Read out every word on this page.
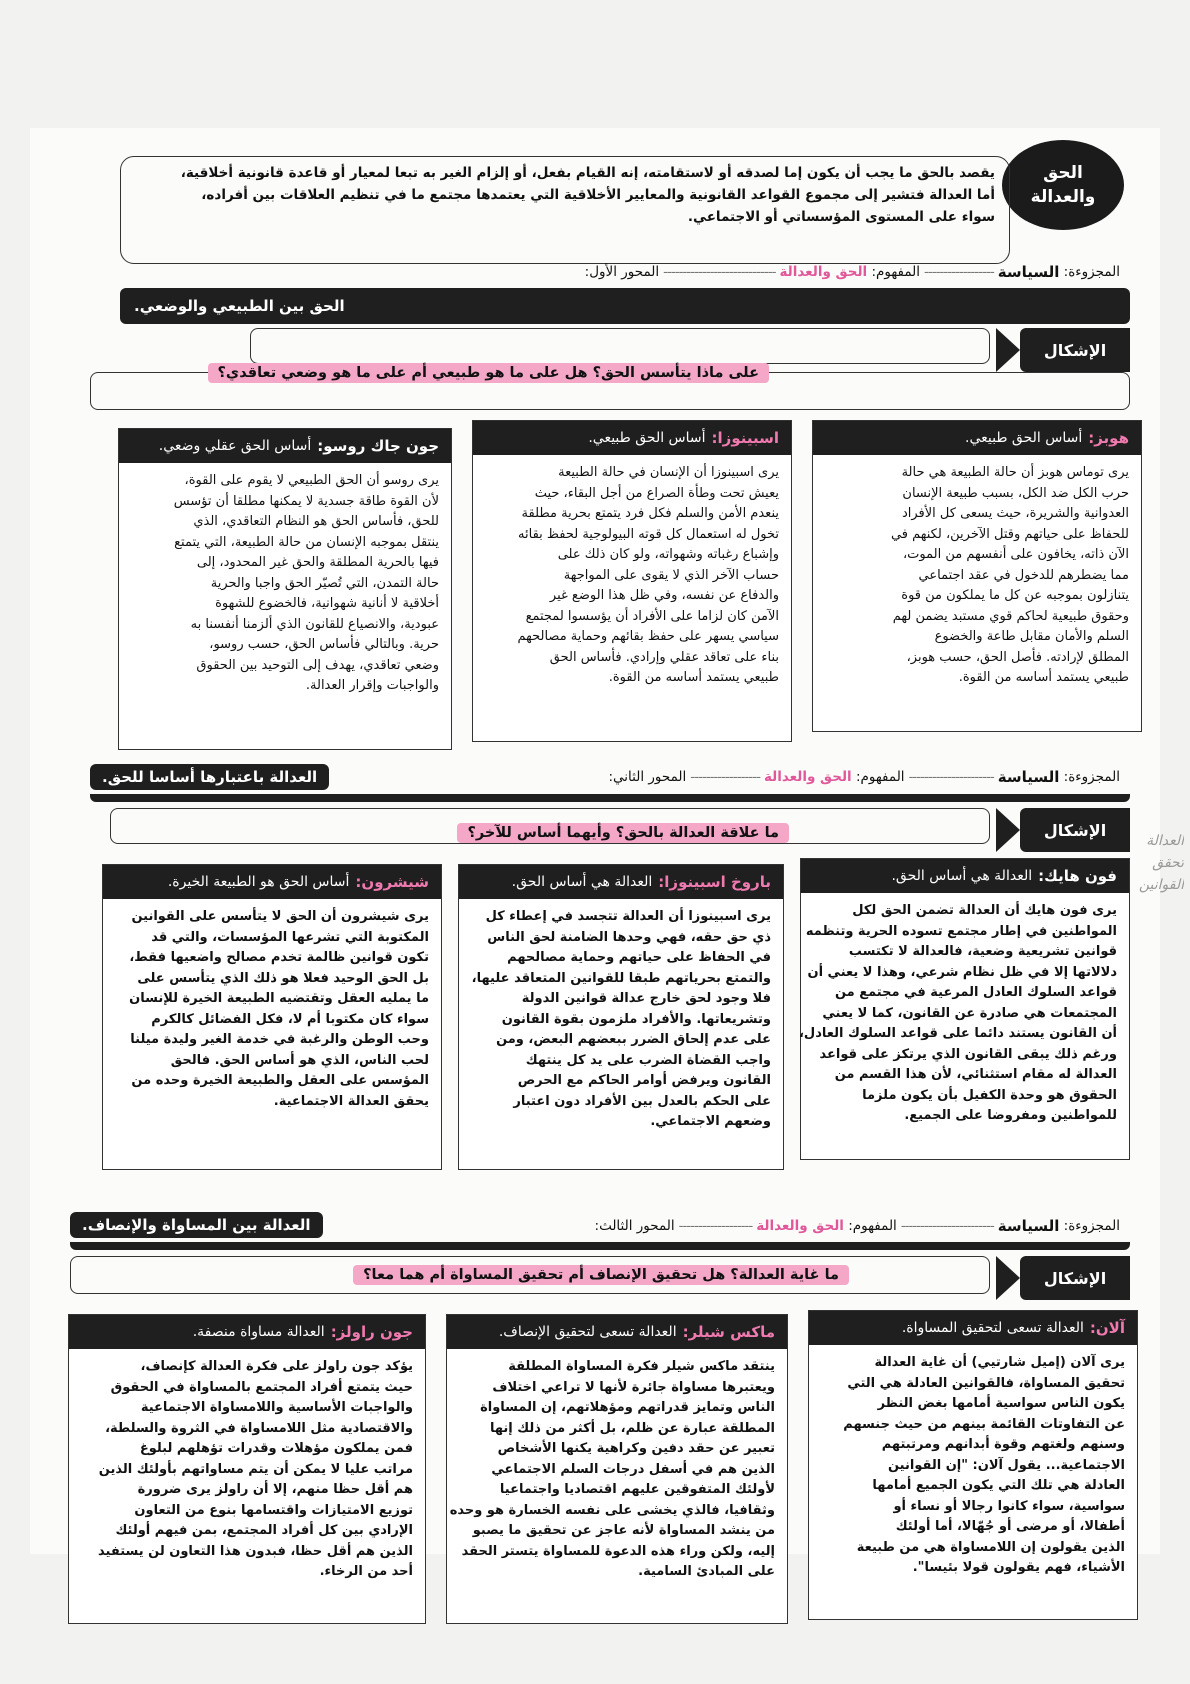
الحق
والعدالة
يقصد بالحق ما يجب أن يكون إما لصدقه أو لاستقامته، إنه القيام بفعل، أو إلزام الغير به تبعا لمعيار أو قاعدة قانونية أخلاقية،
أما العدالة فتشير إلى مجموع القواعد القانونية والمعايير الأخلاقية التي يعتمدها مجتمع ما في تنظيم العلاقات بين أفراده،
سواء على المستوى المؤسساتي أو الاجتماعي.
المجزوءة:

السياسة
------------------
المفهوم:

الحق والعدالة
-----------------------------
المحور الأول:

الحق بين الطبيعي والوضعي.
الإشكال
على ماذا يتأسس الحق؟ هل على ما هو طبيعي أم على ما هو وضعي تعاقدي؟
هوبز:
أساس الحق طبيعي.
يرى توماس هوبز أن حالة الطبيعة هي حالة
حرب الكل ضد الكل، بسبب طبيعة الإنسان
العدوانية والشريرة، حيث يسعى كل الأفراد
للحفاظ على حياتهم وقتل الآخرين، لكنهم في
الآن ذاته، يخافون على أنفسهم من الموت،
مما يضطرهم للدخول في عقد اجتماعي
يتنازلون بموجبه عن كل ما يملكون من قوة
وحقوق طبيعية لحاكم قوي مستبد يضمن لهم
السلم والأمان مقابل طاعة والخضوع
المطلق لإرادته. فأصل الحق، حسب هوبز،
طبيعي يستمد أساسه من القوة.
اسبينوزا:
أساس الحق طبيعي.
يرى اسبينوزا أن الإنسان في حالة الطبيعة
يعيش تحت وطأة الصراع من أجل البقاء، حيث
ينعدم الأمن والسلم فكل فرد يتمتع بحرية مطلقة
تخول له استعمال كل قوته البيولوجية لحفظ بقائه
وإشباع رغباته وشهواته، ولو كان ذلك على
حساب الآخر الذي لا يقوى على المواجهة
والدفاع عن نفسه، وفي ظل هذا الوضع غير
الآمن كان لزاما على الأفراد أن يؤسسوا لمجتمع
سياسي يسهر على حفظ بقائهم وحماية مصالحهم
بناء على تعاقد عقلي وإرادي. فأساس الحق
طبيعي يستمد أساسه من القوة.
جون جاك روسو:
أساس الحق عقلي وضعي.
يرى روسو أن الحق الطبيعي لا يقوم على القوة،
لأن القوة طاقة جسدية لا يمكنها مطلقا أن تؤسس
للحق، فأساس الحق هو النظام التعاقدي، الذي
ينتقل بموجبه الإنسان من حالة الطبيعة، التي يتمتع
فيها بالحرية المطلقة والحق غير المحدود، إلى
حالة التمدن، التي تُصيّر الحق واجبا والحرية
أخلاقية لا أنانية شهوانية، فالخضوع للشهوة
عبودية، والانصياع للقانون الذي ألزمنا أنفسنا به
حرية. وبالتالي فأساس الحق، حسب روسو،
وضعي تعاقدي، يهدف إلى التوحيد بين الحقوق
والواجبات وإقرار العدالة.
المجزوءة:

السياسة
----------------------
المفهوم:

الحق والعدالة
------------------
المحور الثاني:

العدالة باعتبارها أساسا للحق.
الإشكال
ما علاقة العدالة بالحق؟ وأيهما أساس للآخر؟
فون هايك:
العدالة هي أساس الحق.
يرى فون هايك أن العدالة تضمن الحق لكل
المواطنين في إطار مجتمع تسوده الحرية وتنظمه
قوانين تشريعية وضعية، فالعدالة لا تكتسب
دلالاتها إلا في ظل نظام شرعي، وهذا لا يعني أن
قواعد السلوك العادل المرعية في مجتمع من
المجتمعات هي صادرة عن القانون، كما لا يعني
أن القانون يستند دائما على قواعد السلوك العادل،
ورغم ذلك يبقى القانون الذي يرتكز على قواعد
العدالة له مقام استثنائي، لأن هذا القسم من
الحقوق هو وحدة الكفيل بأن يكون ملزما
للمواطنين ومفروضا على الجميع.
باروخ اسبينوزا:
العدالة هي أساس الحق.
يرى اسبينوزا أن العدالة تتجسد في إعطاء كل
ذي حق حقه، فهي وحدها الضامنة لحق الناس
في الحفاظ على حياتهم وحماية مصالحهم
والتمتع بحرياتهم طبقا للقوانين المتعاقد عليها،
فلا وجود لحق خارج عدالة قوانين الدولة
وتشريعاتها. والأفراد ملزمون بقوة القانون
على عدم إلحاق الضرر ببعضهم البعض، ومن
واجب القضاة الضرب على يد كل ينتهك
القانون ويرفض أوامر الحاكم مع الحرص
على الحكم بالعدل بين الأفراد دون اعتبار
وضعهم الاجتماعي.
شيشرون:
أساس الحق هو الطبيعة الخيرة.
يرى شيشرون أن الحق لا يتأسس على القوانين
المكتوبة التي تشرعها المؤسسات، والتي قد
تكون قوانين ظالمة تخدم مصالح واضعيها فقط،
بل الحق الوحيد فعلا هو ذلك الذي يتأسس على
ما يمليه العقل وتقتضيه الطبيعة الخيرة للإنسان
سواء كان مكتوبا أم لا، فكل الفضائل كالكرم
وحب الوطن والرغبة في خدمة الغير وليدة ميلنا
لحب الناس، الذي هو أساس الحق. فالحق
المؤسس على العقل والطبيعة الخيرة وحده من
يحقق العدالة الاجتماعية.
المجزوءة:

السياسة
------------------------
المفهوم:

الحق والعدالة
-------------------
المحور الثالث:

العدالة بين المساواة والإنصاف.
الإشكال
ما غاية العدالة؟ هل تحقيق الإنصاف أم تحقيق المساواة أم هما معا؟
آلان:
العدالة تسعى لتحقيق المساواة.
يرى آلان (إميل شارتيي) أن غاية العدالة
تحقيق المساواة، فالقوانين العادلة هي التي
يكون الناس سواسية أمامها بغض النظر
عن التفاوتات القائمة بينهم من حيث جنسهم
وسنهم ولغتهم وقوة أبدانهم ومرتبتهم
الاجتماعية... يقول آلان: "إن القوانين
العادلة هي تلك التي يكون الجميع أمامها
سواسية، سواء كانوا رجالا أو نساء أو
أطفالا، أو مرضى أو جُهّالا، أما أولئك
الذين يقولون إن اللامساواة هي من طبيعة
الأشياء، فهم يقولون قولا بئيسا".
ماكس شيلر:
العدالة تسعى لتحقيق الإنصاف.
ينتقد ماكس شيلر فكرة المساواة المطلقة
ويعتبرها مساواة جائرة لأنها لا تراعي اختلاف
الناس وتمايز قدراتهم ومؤهلاتهم، إن المساواة
المطلقة عبارة عن ظلم، بل أكثر من ذلك إنها
تعبير عن حقد دفين وكراهية يكنها الأشخاص
الذين هم في أسفل درجات السلم الاجتماعي
لأولئك المتفوقين عليهم اقتصاديا واجتماعيا
وثقافيا، فالذي يخشى على نفسه الخسارة هو وحده
من ينشد المساواة لأنه عاجز عن تحقيق ما يصبو
إليه، ولكن وراء هذه الدعوة للمساواة يتستر الحقد
على المبادئ السامية.
جون راولز:
العدالة مساواة منصفة.
يؤكد جون راولز على فكرة العدالة كإنصاف،
حيث يتمتع أفراد المجتمع بالمساواة في الحقوق
والواجبات الأساسية واللامساواة الاجتماعية
والاقتصادية مثل اللامساواة في الثروة والسلطة،
فمن يملكون مؤهلات وقدرات تؤهلهم لبلوغ
مراتب عليا لا يمكن أن يتم مساواتهم بأولئك الذين
هم أقل حظا منهم، إلا أن راولز يرى ضرورة
توزيع الامتيازات واقتسامها بنوع من التعاون
الإرادي بين كل أفراد المجتمع، بمن فيهم أولئك
الذين هم أقل حظا، فبدون هذا التعاون لن يستفيد
أحد من الرخاء.
العدالة تحقق القوانين
